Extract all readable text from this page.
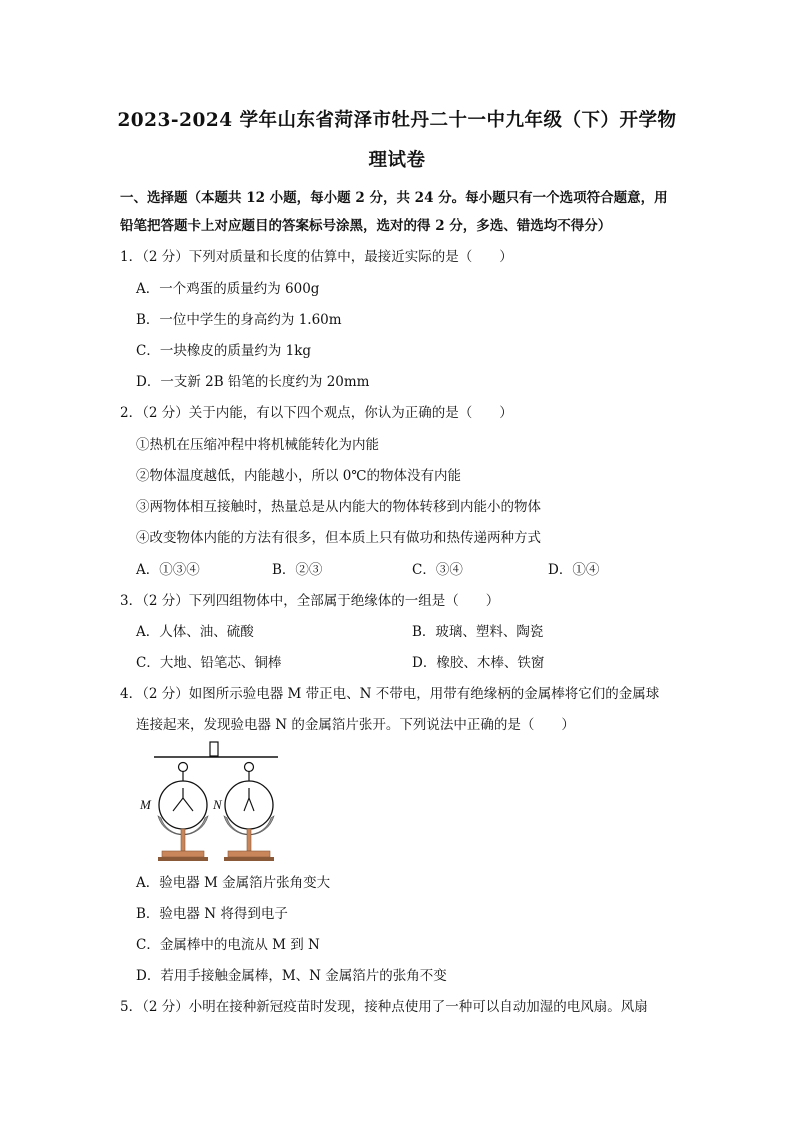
2023-2024 学年山东省菏泽市牡丹二十一中九年级（下）开学物
理试卷
一、选择题（本题共 12 小题，每小题 2 分，共 24 分。每小题只有一个选项符合题意，用
铅笔把答题卡上对应题目的答案标号涂黑，选对的得 2 分，多选、错选均不得分）
1．（2 分）下列对质量和长度的估算中，最接近实际的是（　　）
A．一个鸡蛋的质量约为 600g
B．一位中学生的身高约为 1.60m
C．一块橡皮的质量约为 1kg
D．一支新 2B 铅笔的长度约为 20mm
2．（2 分）关于内能，有以下四个观点，你认为正确的是（　　）
①热机在压缩冲程中将机械能转化为内能
②物体温度越低，内能越小，所以 0℃的物体没有内能
③两物体相互接触时，热量总是从内能大的物体转移到内能小的物体
④改变物体内能的方法有很多，但本质上只有做功和热传递两种方式
A．①③④	B．②③	C．③④	D．①④
3．（2 分）下列四组物体中，全部属于绝缘体的一组是（　　）
A．人体、油、硫酸	B．玻璃、塑料、陶瓷
C．大地、铅笔芯、铜棒	D．橡胶、木棒、铁窗
4．（2 分）如图所示验电器 M 带正电、N 不带电，用带有绝缘柄的金属棒将它们的金属球
连接起来，发现验电器 N 的金属箔片张开。下列说法中正确的是（　　）
M	N
A．验电器 M 金属箔片张角变大
B．验电器 N 将得到电子
C．金属棒中的电流从 M 到 N
D．若用手接触金属棒，M、N 金属箔片的张角不变
5．（2 分）小明在接种新冠疫苗时发现，接种点使用了一种可以自动加湿的电风扇。风扇
